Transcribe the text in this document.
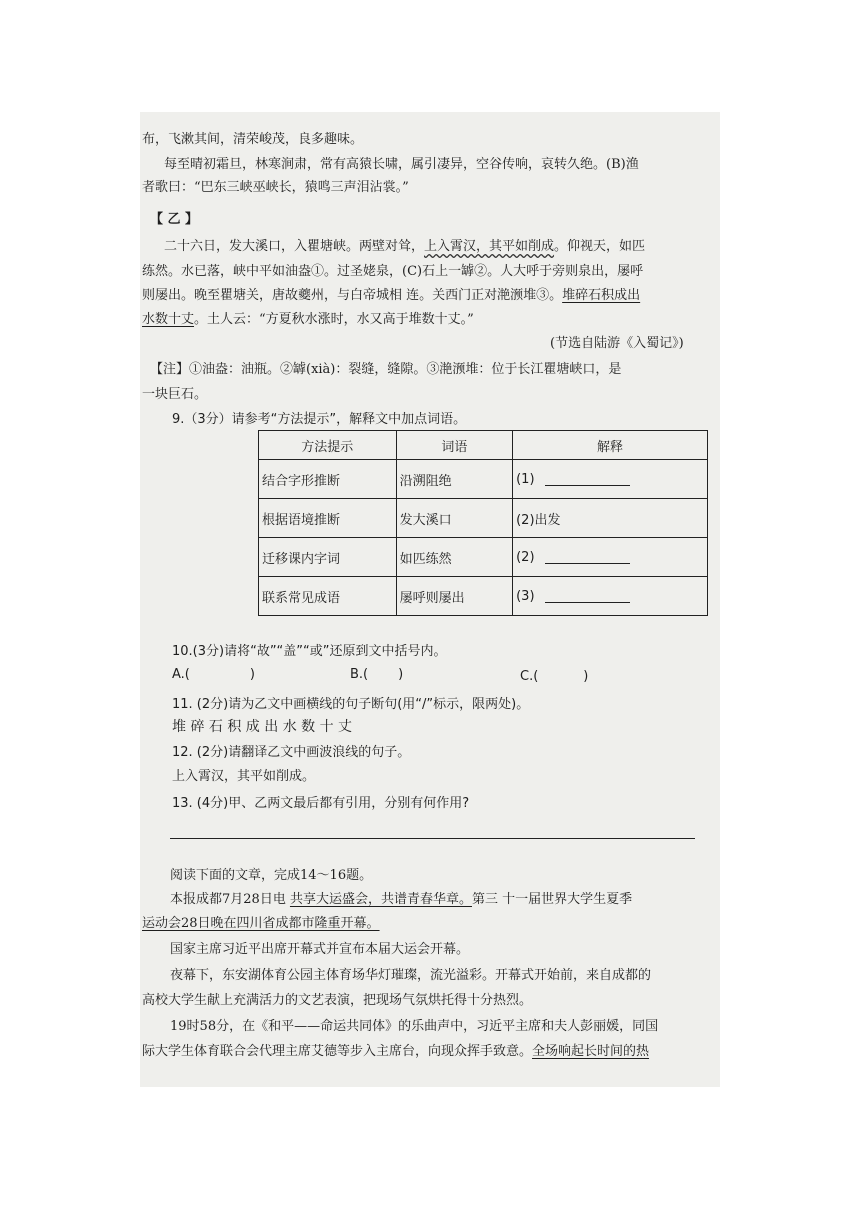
布，飞漱其间，清荣峻茂，良多趣味。
每至晴初霜旦，林寒涧肃，常有高猿长啸，属引凄异，空谷传响，哀转久绝。(B)渔
者歌曰：“巴东三峡巫峡长，猿鸣三声泪沾裳。”
【 乙 】
二十六日，发大溪口，入瞿塘峡。两壁对耸，上入霄汉，其平如削成。仰视天，如匹
练然。水已落，峡中平如油盎①。过圣姥泉，(C)石上一罅②。人大呼于旁则泉出，屡呼
则屡出。晚至瞿塘关，唐故夔州，与白帝城相 连。关西门正对滟滪堆③。堆碎石积成出
水数十丈。土人云：“方夏秋水涨时，水又高于堆数十丈。”
(节选自陆游《入蜀记》)
【注】①油盎：油瓶。②罅(xià)：裂缝，缝隙。③滟滪堆：位于长江瞿塘峡口，是
一块巨石。
9.（3分）请参考“方法提示”，解释文中加点词语。
方法提示	词语	解释
结合字形推断	沿溯阻绝	(1)
根据语境推断	发大溪口	(2)出发
迁移课内字词	如匹练然	(2)
联系常见成语	屡呼则屡出	(3)
10.(3分)请将“故”“盖”“或”还原到文中括号内。
A.(	)	B.( )	C.(	)
11. (2分)请为乙文中画横线的句子断句(用“/”标示，限两处)。
堆 碎 石 积 成 出 水 数 十 丈
12. (2分)请翻译乙文中画波浪线的句子。
上入霄汉，其平如削成。
13. (4分)甲、乙两文最后都有引用，分别有何作用?
阅读下面的文章，完成14～16题。
本报成都7月28日电 共享大运盛会，共谱青春华章。第三 十一届世界大学生夏季
运动会28日晚在四川省成都市隆重开幕。
国家主席习近平出席开幕式并宣布本届大运会开幕。
夜幕下，东安湖体育公园主体育场华灯璀璨，流光溢彩。开幕式开始前，来自成都的
高校大学生献上充满活力的文艺表演，把现场气氛烘托得十分热烈。
19时58分，在《和平——命运共同体》的乐曲声中，习近平主席和夫人彭丽媛，同国
际大学生体育联合会代理主席艾德等步入主席台，向现众挥手致意。全场响起长时间的热
